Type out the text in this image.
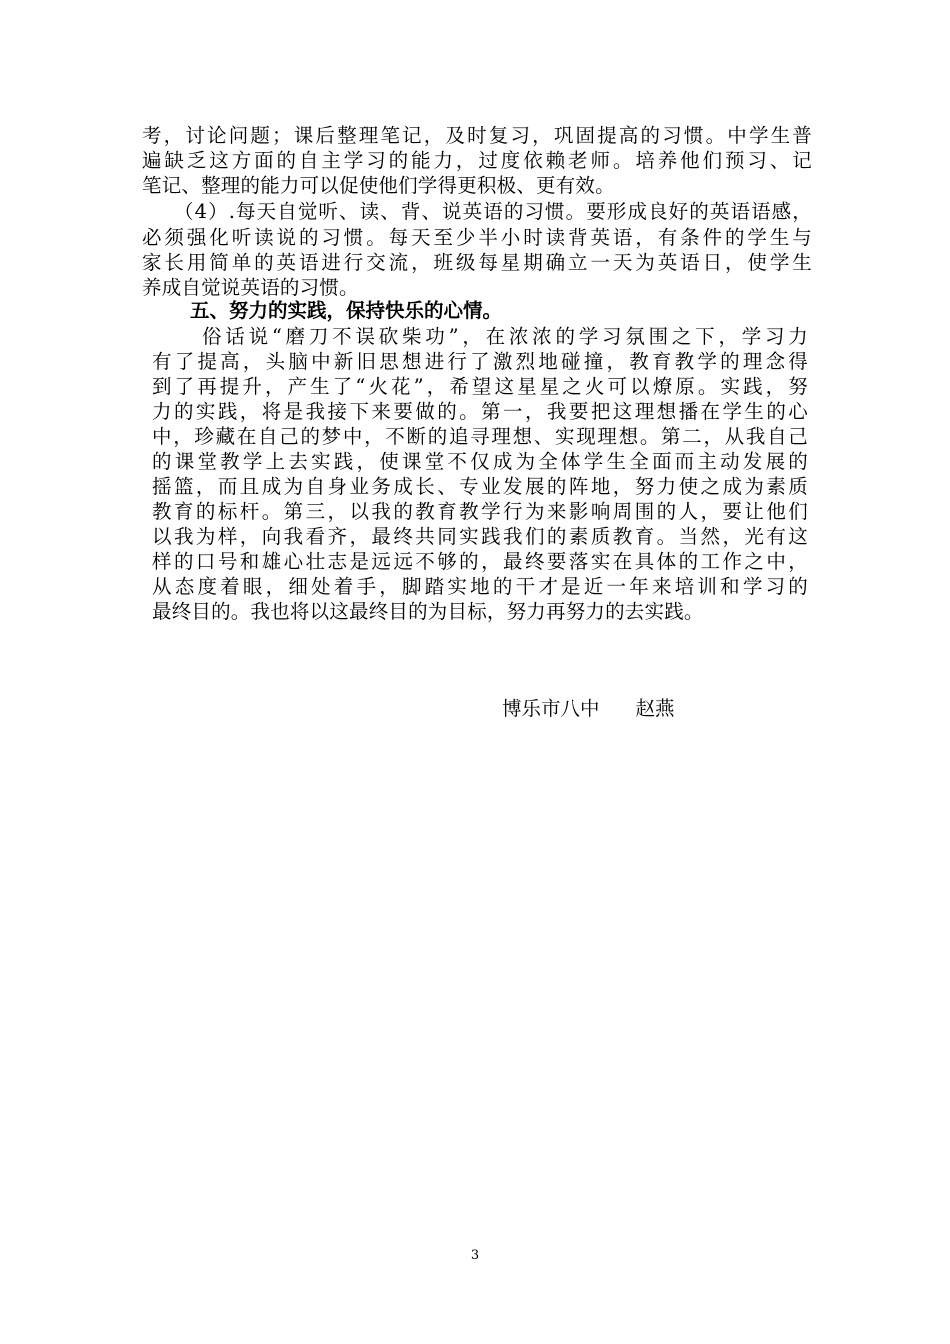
考，讨论问题；课后整理笔记，及时复习，巩固提高的习惯。中学生普
遍缺乏这方面的自主学习的能力，过度依赖老师。培养他们预习、记
笔记、整理的能力可以促使他们学得更积极、更有效。
（4）.每天自觉听、读、背、说英语的习惯。要形成良好的英语语感，
必须强化听读说的习惯。每天至少半小时读背英语，有条件的学生与
家长用简单的英语进行交流，班级每星期确立一天为英语日，使学生
养成自觉说英语的习惯。
五、努力的实践，保持快乐的心情。
俗话说“磨刀不误砍柴功”，在浓浓的学习氛围之下，学习力
有了提高，头脑中新旧思想进行了激烈地碰撞，教育教学的理念得
到了再提升，产生了“火花”，希望这星星之火可以燎原。实践，努
力的实践，将是我接下来要做的。第一，我要把这理想播在学生的心
中，珍藏在自己的梦中，不断的追寻理想、实现理想。第二，从我自己
的课堂教学上去实践，使课堂不仅成为全体学生全面而主动发展的
摇篮，而且成为自身业务成长、专业发展的阵地，努力使之成为素质
教育的标杆。第三，以我的教育教学行为来影响周围的人，要让他们
以我为样，向我看齐，最终共同实践我们的素质教育。当然，光有这
样的口号和雄心壮志是远远不够的，最终要落实在具体的工作之中，
从态度着眼，细处着手，脚踏实地的干才是近一年来培训和学习的
最终目的。我也将以这最终目的为目标，努力再努力的去实践。
博乐市八中 赵燕
3
